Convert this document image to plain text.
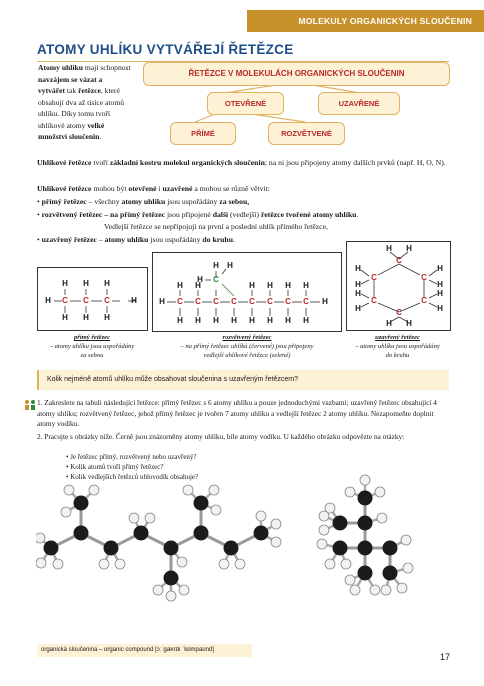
MOLEKULY ORGANICKÝCH SLOUČENIN
ATOMY UHLÍKU VYTVÁŘEJÍ ŘETĚZCE
Atomy uhlíku mají schopnost navzájem se vázat a vytvářet tak řetězce, které obsahují dva až tisíce atomů uhlíku. Díky tomu tvoří uhlíkové atomy velké množství sloučenin.
ŘETĚZCE V MOLEKULÁCH ORGANICKÝCH SLOUČENIN
OTEVŘENÉ	UZAVŘENÉ
PŘÍMÉ	ROZVĚTVENÉ
Uhlíkové řetězce tvoří základní kostru molekul organických sloučenin; na ni jsou připojeny atomy dalších prvků (např. H, O, N).
Uhlíkové řetězce mohou být otevřené i uzavřené a mohou se různě větvit:
• přímý řetězec – všechny atomy uhlíku jsou uspořádány za sebou,
• rozvětvený řetězec – na přímý řetězec jsou připojené další (vedlejší) řetězce tvořené atomy uhlíku.
Vedlejší řetězce se nepřipojují na první a poslední uhlík přímého řetězce,
• uzavřený řetězec – atomy uhlíku jsou uspořádány do kruhu.
H C C C	H
H H H
H H H
H C C C C C C C C H
H H	H H H H
H H H H H H H H
C
H
H
H
C
C	C
C	C
C
H H
H
H
H
H
H
H
H
H
H H
přímý řetězec
– atomy uhlíku jsou uspořádány
za sebou
rozvětvený řetězec
– na přímý řetězec uhlíků (červené) jsou připojeny
vedlejší uhlíkové řetězce (zelené)
uzavřený řetězec
– atomy uhlíku jsou uspořádány
do kruhu
Kolik nejméně atomů uhlíku může obsahovat sloučenina s uzavřeným řetězcem?
1. Zakreslete na tabuli následující řetězce: přímý řetězec s 6 atomy uhlíku a pouze jednoduchými vazbami; uzavřený řetězec obsahující 4 atomy uhlíku; rozvětvený řetězec, jehož přímý řetězec je tvořen 7 atomy uhlíku a vedlejší řetězec 2 atomy uhlíku. Nezapomeňte doplnit atomy vodíku.
2. Pracujte s obrázky níže. Černě jsou znázorněny atomy uhlíku, bíle atomy vodíku. U každého obrázku odpovězte na otázky:
• Je řetězec přímý, rozvětvený nebo uzavřený?
• Kolik atomů tvoří přímý řetězec?
• Kolik vedlejších řetězců uhlovodík obsahuje?
organická sloučenina – organic compound [ɔːˈgænɪk ˈkɒmpaʊnd]
17
